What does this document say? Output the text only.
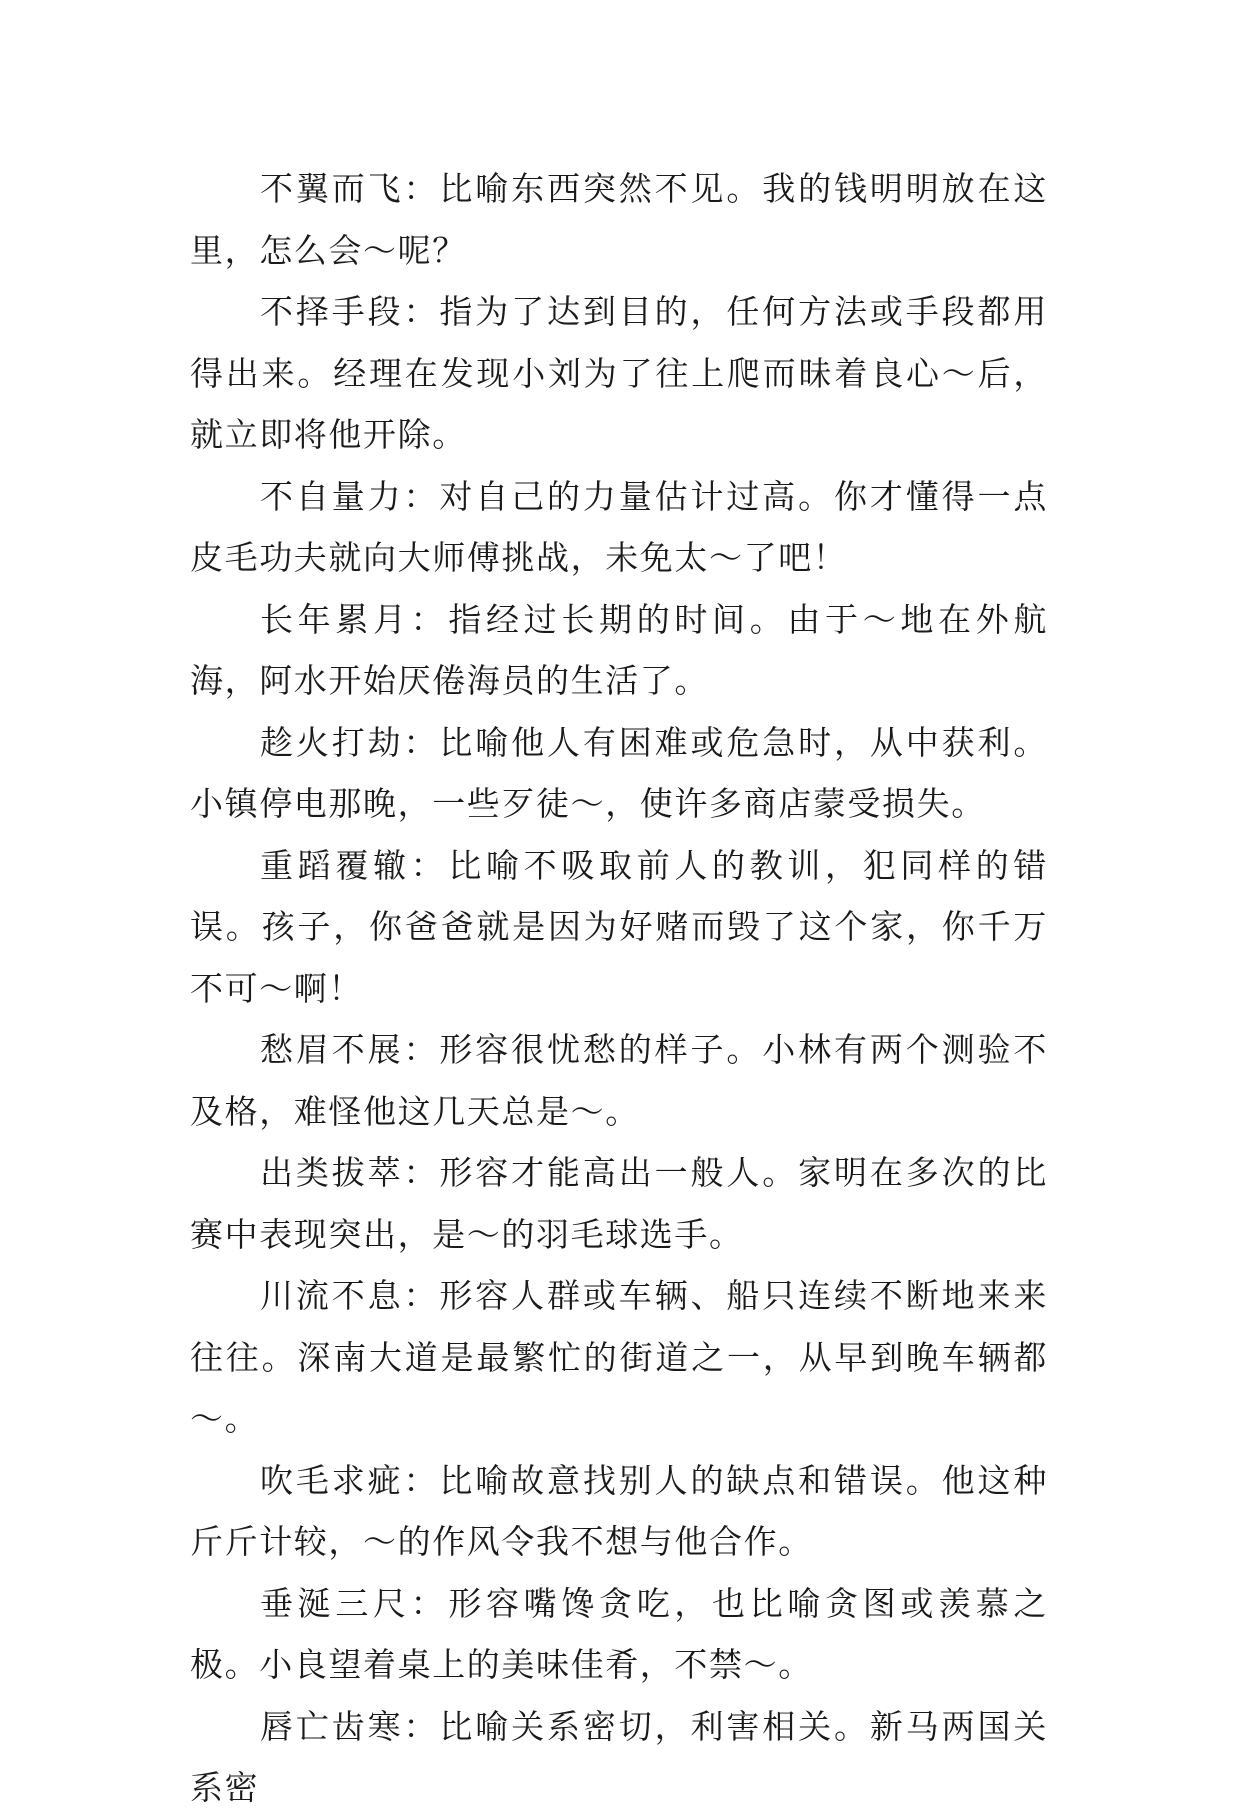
不翼而飞：比喻东西突然不见。我的钱明明放在这里，怎么会～呢？

不择手段：指为了达到目的，任何方法或手段都用得出来。经理在发现小刘为了往上爬而昧着良心～后，就立即将他开除。

不自量力：对自己的力量估计过高。你才懂得一点皮毛功夫就向大师傅挑战，未免太～了吧！

长年累月：指经过长期的时间。由于～地在外航海，阿水开始厌倦海员的生活了。

趁火打劫：比喻他人有困难或危急时，从中获利。小镇停电那晚，一些歹徒～，使许多商店蒙受损失。

重蹈覆辙：比喻不吸取前人的教训，犯同样的错误。孩子，你爸爸就是因为好赌而毁了这个家，你千万不可～啊！

愁眉不展：形容很忧愁的样子。小林有两个测验不及格，难怪他这几天总是～。

出类拔萃：形容才能高出一般人。家明在多次的比赛中表现突出，是～的羽毛球选手。

川流不息：形容人群或车辆、船只连续不断地来来往往。深南大道是最繁忙的街道之一，从早到晚车辆都～。

吹毛求疵：比喻故意找别人的缺点和错误。他这种斤斤计较，～的作风令我不想与他合作。

垂涎三尺：形容嘴馋贪吃，也比喻贪图或羡慕之极。小良望着桌上的美味佳肴，不禁～。

唇亡齿寒：比喻关系密切，利害相关。新马两国关系密
